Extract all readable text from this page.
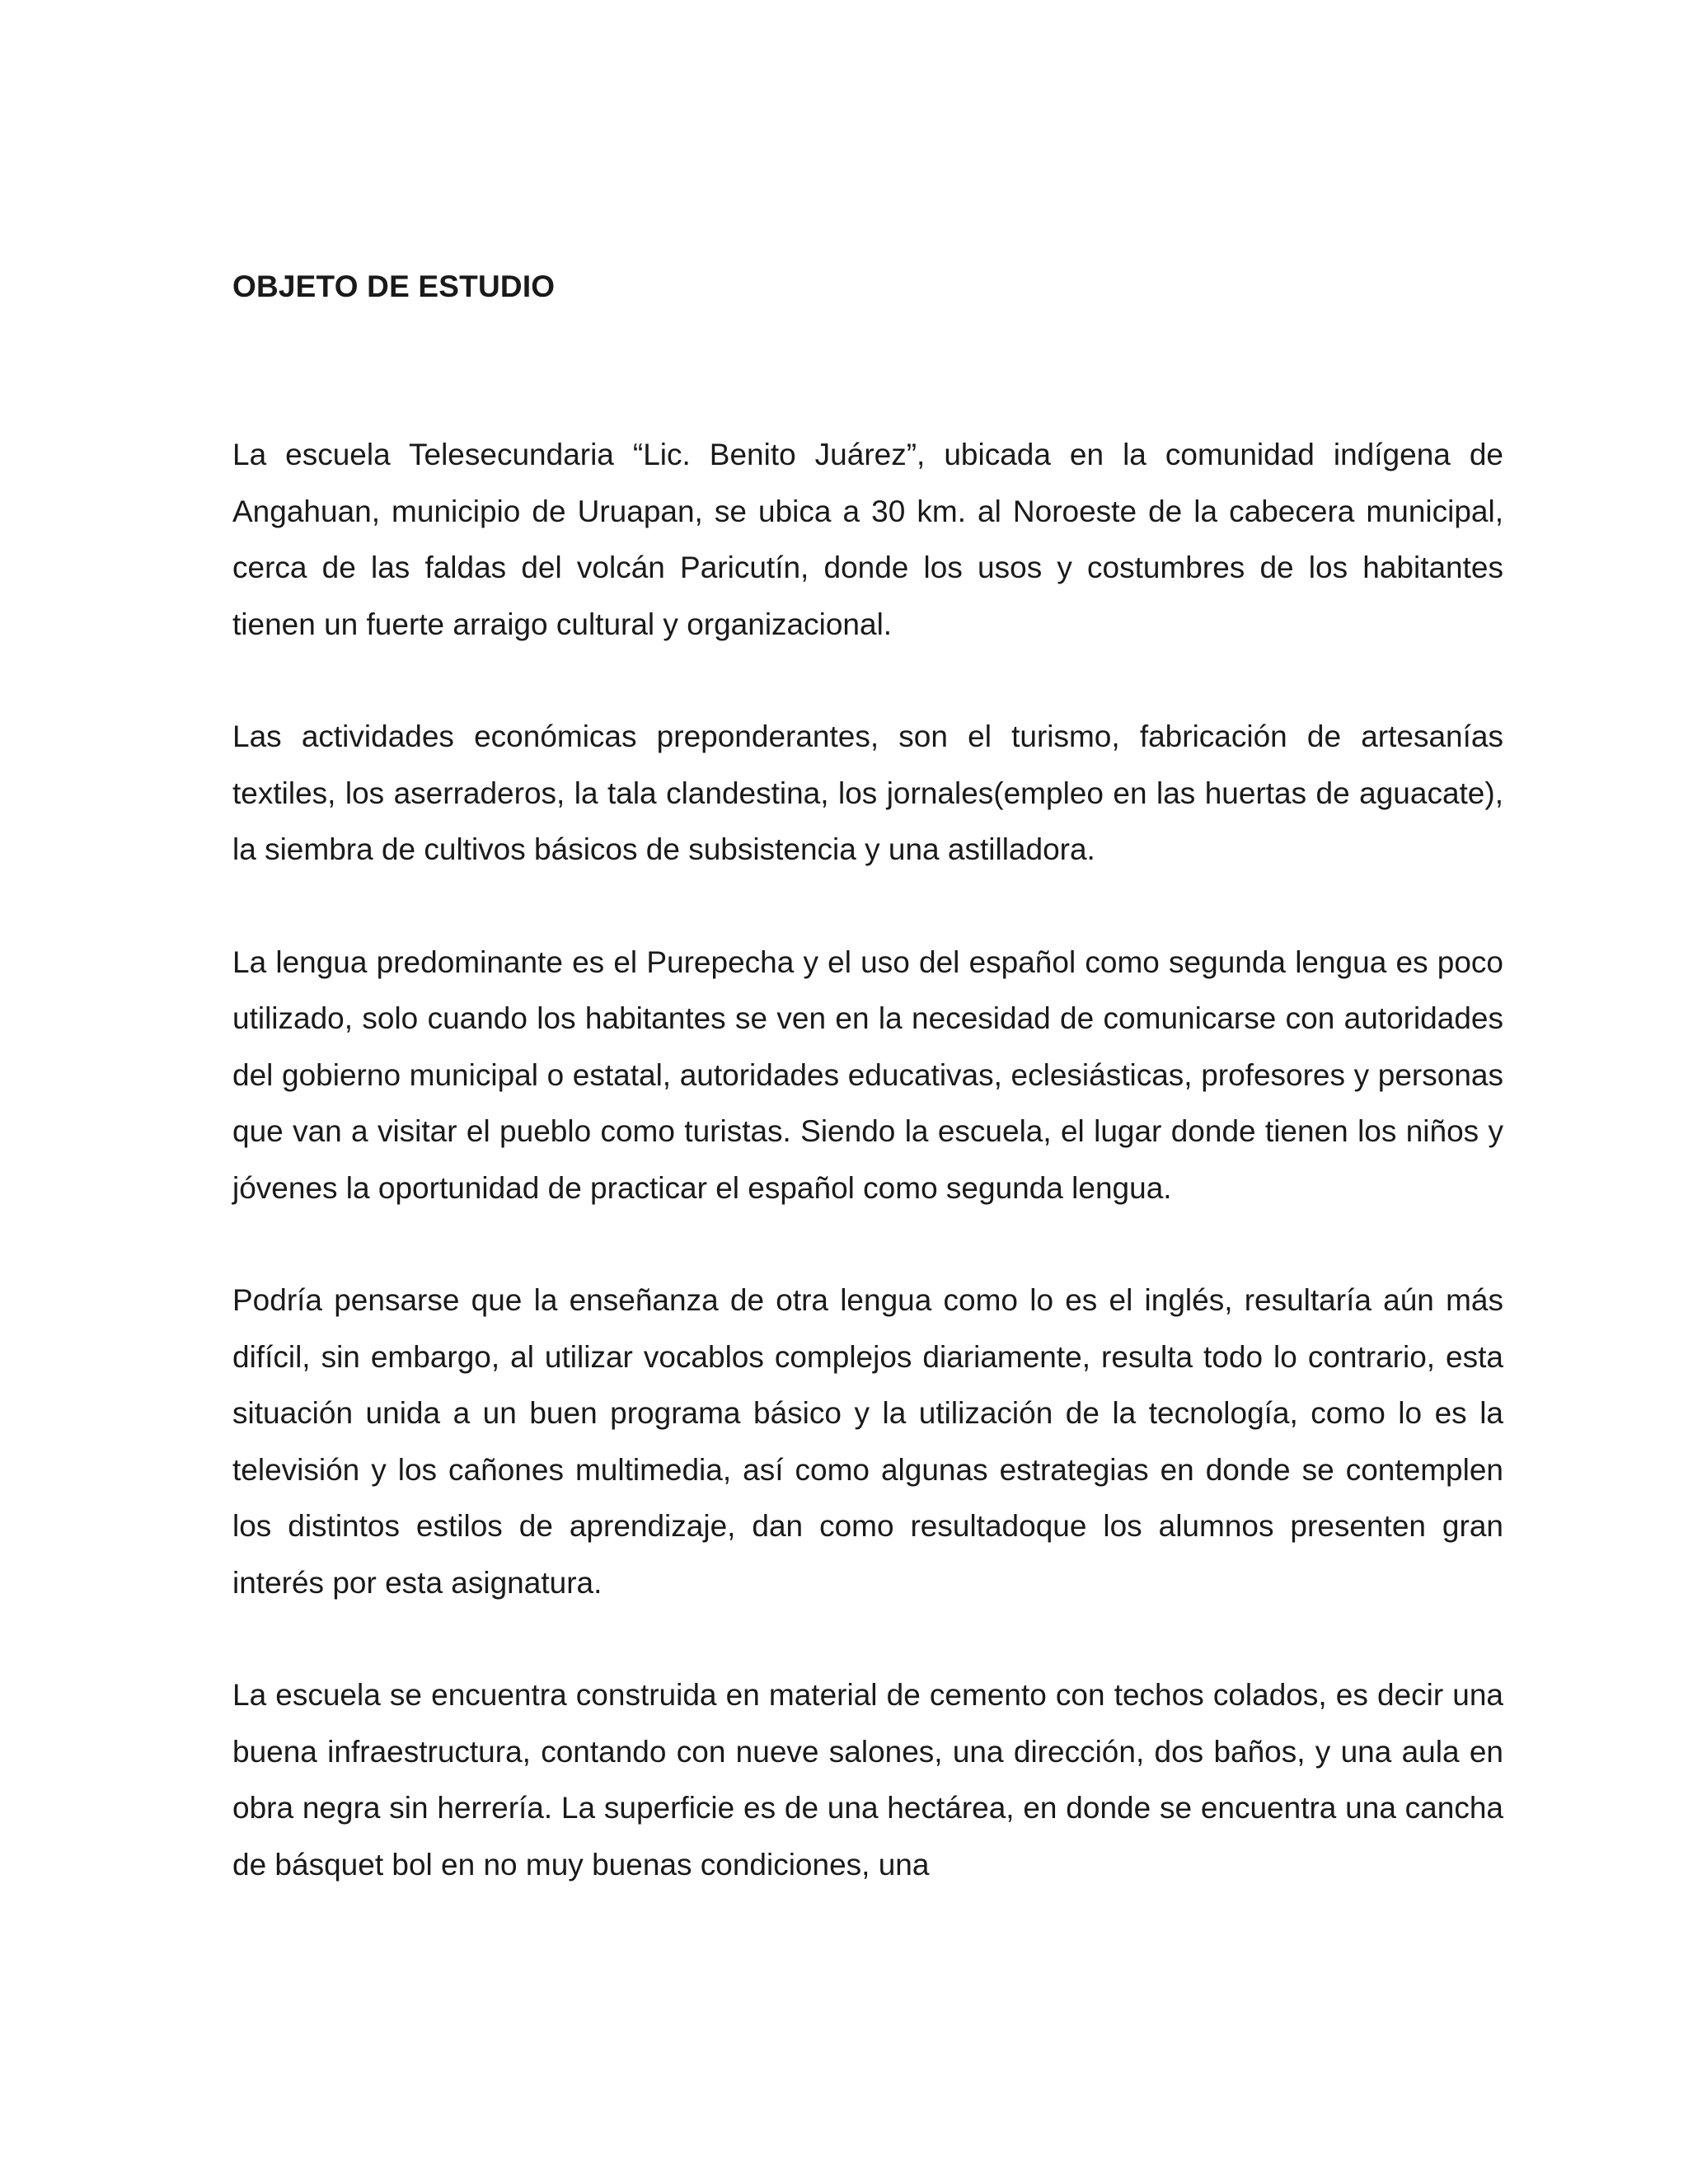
OBJETO DE ESTUDIO

La escuela Telesecundaria “Lic. Benito Juárez”, ubicada en la comunidad indígena de Angahuan, municipio de Uruapan, se ubica a 30 km. al Noroeste de la cabecera municipal, cerca de las faldas del volcán Paricutín, donde los usos y costumbres de los habitantes tienen un fuerte arraigo cultural y organizacional.

Las actividades económicas preponderantes, son el turismo, fabricación de artesanías textiles, los aserraderos, la tala clandestina, los jornales(empleo en las huertas de aguacate), la siembra de cultivos básicos de subsistencia y una astilladora.

La lengua predominante es el Purepecha y el uso del español como segunda lengua es poco utilizado, solo cuando los habitantes se ven en la necesidad de comunicarse con autoridades del gobierno municipal o estatal, autoridades educativas, eclesiásticas, profesores y personas que van a visitar el pueblo como turistas. Siendo la escuela, el lugar donde tienen los niños y jóvenes la oportunidad de practicar el español como segunda lengua.

Podría pensarse que la enseñanza de otra lengua como lo es el inglés, resultaría aún más difícil, sin embargo, al utilizar vocablos complejos diariamente, resulta todo lo contrario, esta situación unida a un buen programa básico y la utilización de la tecnología, como lo es la televisión y los cañones multimedia, así como algunas estrategias en donde se contemplen los distintos estilos de aprendizaje, dan como resultadoque los alumnos presenten gran interés por esta asignatura.

La escuela se encuentra construida en material de cemento con techos colados, es decir una buena infraestructura, contando con nueve salones, una dirección, dos baños, y una aula en obra negra sin herrería. La superficie es de una hectárea, en donde se encuentra una cancha de básquet bol en no muy buenas condiciones, una
